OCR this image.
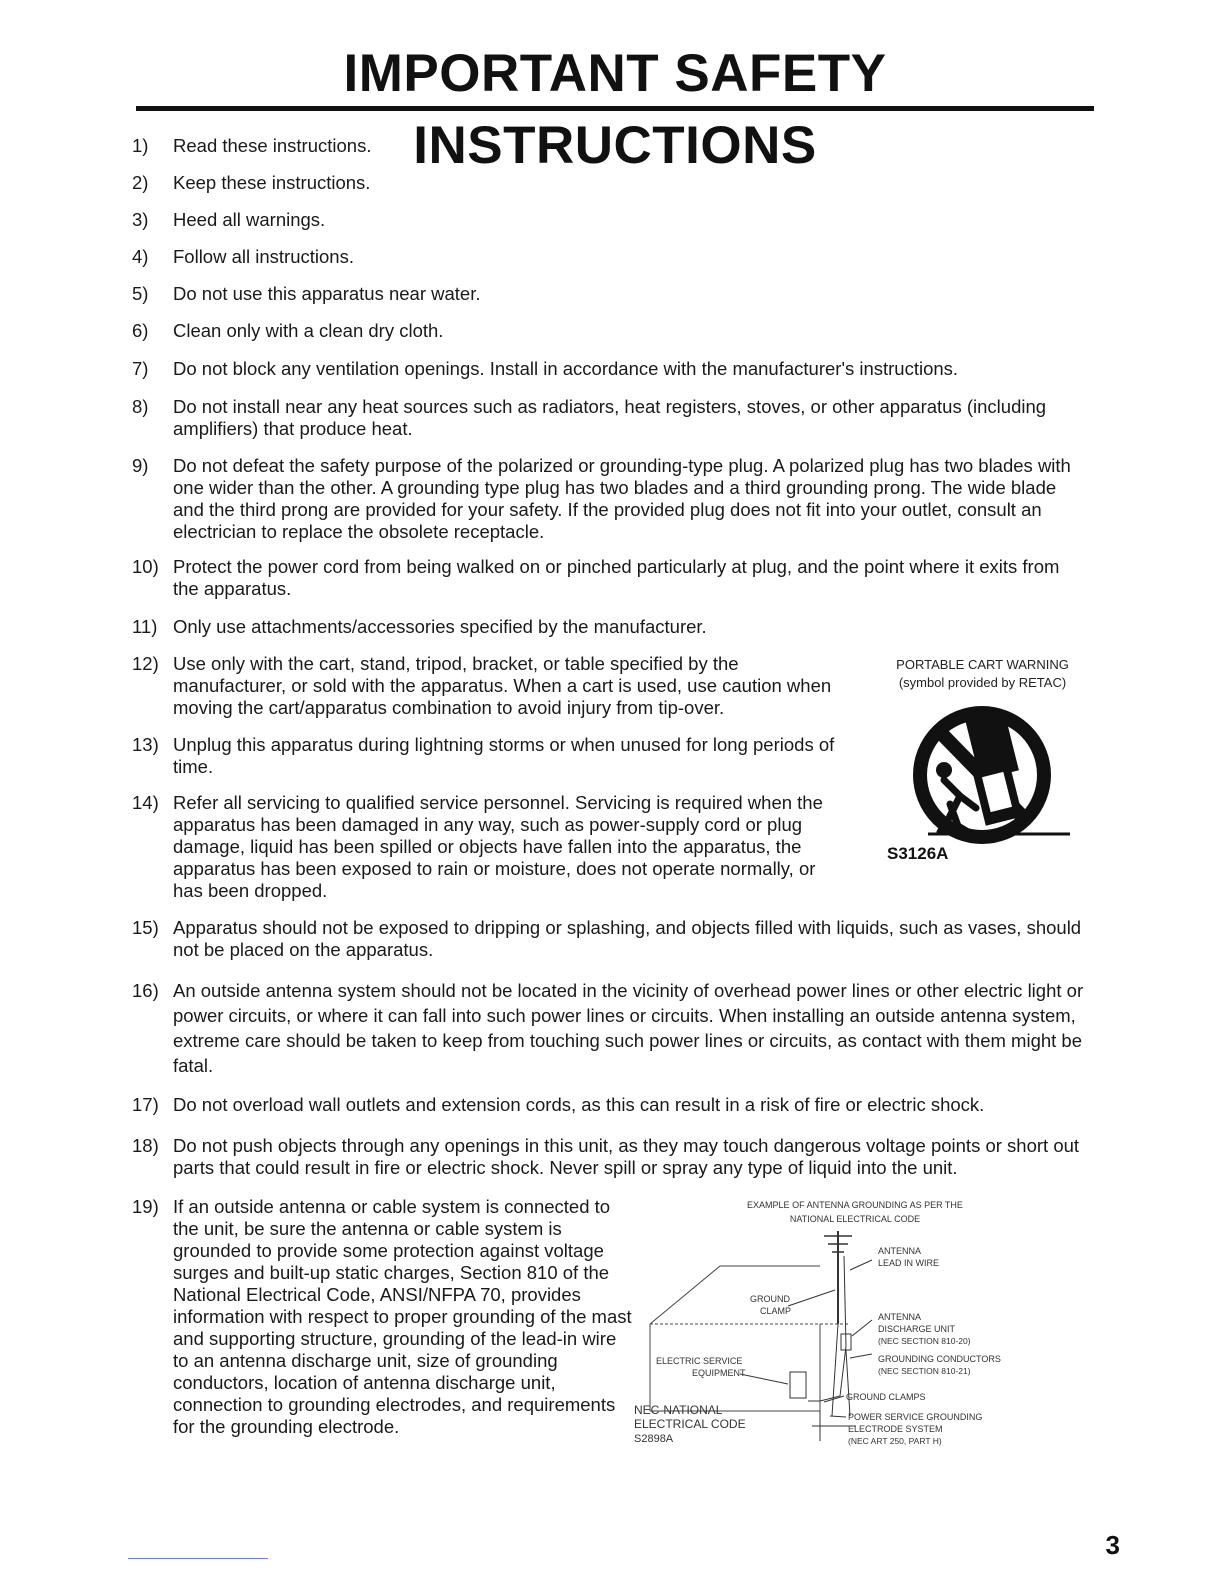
IMPORTANT SAFETY INSTRUCTIONS
1)	Read these instructions.
2)	Keep these instructions.
3)	Heed all warnings.
4)	Follow all instructions.
5)	Do not use this apparatus near water.
6)	Clean only with a clean dry cloth.
7)	Do not block any ventilation openings. Install in accordance with the manufacturer's instructions.
8)	Do not install near any heat sources such as radiators, heat registers, stoves, or other apparatus (including amplifiers) that produce heat.
9)	Do not defeat the safety purpose of the polarized or grounding-type plug. A polarized plug has two blades with one wider than the other. A grounding type plug has two blades and a third grounding prong. The wide blade and the third prong are provided for your safety. If the provided plug does not fit into your outlet, consult an electrician to replace the obsolete receptacle.
10) Protect the power cord from being walked on or pinched particularly at plug, and the point where it exits from the apparatus.
11) Only use attachments/accessories specified by the manufacturer.
12) Use only with the cart, stand, tripod, bracket, or table specified by the manufacturer, or sold with the apparatus. When a cart is used, use caution when moving the cart/apparatus combination to avoid injury from tip-over.
13) Unplug this apparatus during lightning storms or when unused for long periods of time.
14) Refer all servicing to qualified service personnel. Servicing is required when the apparatus has been damaged in any way, such as power-supply cord or plug damage, liquid has been spilled or objects have fallen into the apparatus, the apparatus has been exposed to rain or moisture, does not operate normally, or has been dropped.
PORTABLE CART WARNING
(symbol provided by RETAC)
S3126A
15) Apparatus should not be exposed to dripping or splashing, and objects filled with liquids, such as vases, should not be placed on the apparatus.
16) An outside antenna system should not be located in the vicinity of overhead power lines or other electric light or power circuits, or where it can fall into such power lines or circuits. When installing an outside antenna system, extreme care should be taken to keep from touching such power lines or circuits, as contact with them might be fatal.
17) Do not overload wall outlets and extension cords, as this can result in a risk of fire or electric shock.
18) Do not push objects through any openings in this unit, as they may touch dangerous voltage points or short out parts that could result in fire or electric shock. Never spill or spray any type of liquid into the unit.
19) If an outside antenna or cable system is connected to the unit, be sure the antenna or cable system is grounded to provide some protection against voltage surges and built-up static charges, Section 810 of the National Electrical Code, ANSI/NFPA 70, provides information with respect to proper grounding of the mast and supporting structure, grounding of the lead-in wire to an antenna discharge unit, size of grounding conductors, location of antenna discharge unit, connection to grounding electrodes, and requirements for the grounding electrode.
EXAMPLE OF ANTENNA GROUNDING AS PER THE
NATIONAL ELECTRICAL CODE
ANTENNA
LEAD IN WIRE
GROUND
CLAMP
ANTENNA
DISCHARGE UNIT
(NEC SECTION 810-20)
ELECTRIC SERVICE
EQUIPMENT
GROUNDING CONDUCTORS
(NEC SECTION 810-21)
GROUND CLAMPS
NEC-NATIONAL
ELECTRICAL CODE
S2898A
POWER SERVICE GROUNDING
ELECTRODE SYSTEM
(NEC ART 250, PART H)
3
